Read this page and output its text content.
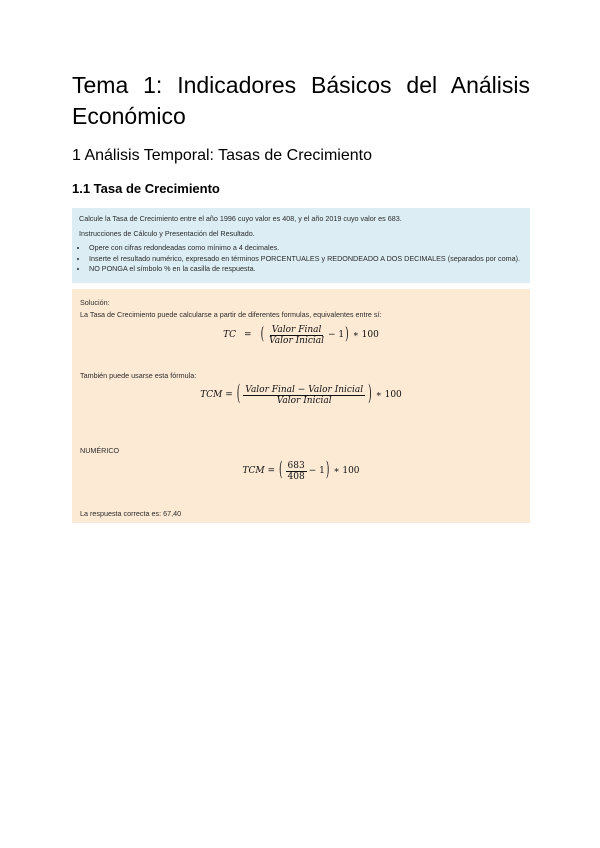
Tema 1: Indicadores Básicos del Análisis Económico
1 Análisis Temporal: Tasas de Crecimiento
1.1 Tasa de Crecimiento

Calcule la Tasa de Crecimiento entre el año 1996 cuyo valor es 408, y el año 2019 cuyo valor es 683.

Instrucciones de Cálculo y Presentación del Resultado.

• Opere con cifras redondeadas como mínimo a 4 decimales.
• Inserte el resultado numérico, expresado en términos PORCENTUALES y REDONDEADO A DOS DECIMALES (separados por coma).
• NO PONGA el símbolo % en la casilla de respuesta.
Solución:
La Tasa de Crecimiento puede calcularse a partir de diferentes formulas, equivalentes entre sí:
TC = ( $\frac{\text{Valor Final}}{\text{Valor Inicial}} - 1$ ) ∗ 100
También puede usarse esta fórmula:
TCM = ( $\frac{\text{Valor Final − Valor Inicial}}{\text{Valor Inicial}}$ ) ∗ 100
NUMÉRICO
TCM = ( $\frac{683}{408} - 1$ ) ∗ 100
La respuesta correcta es: 67,40
